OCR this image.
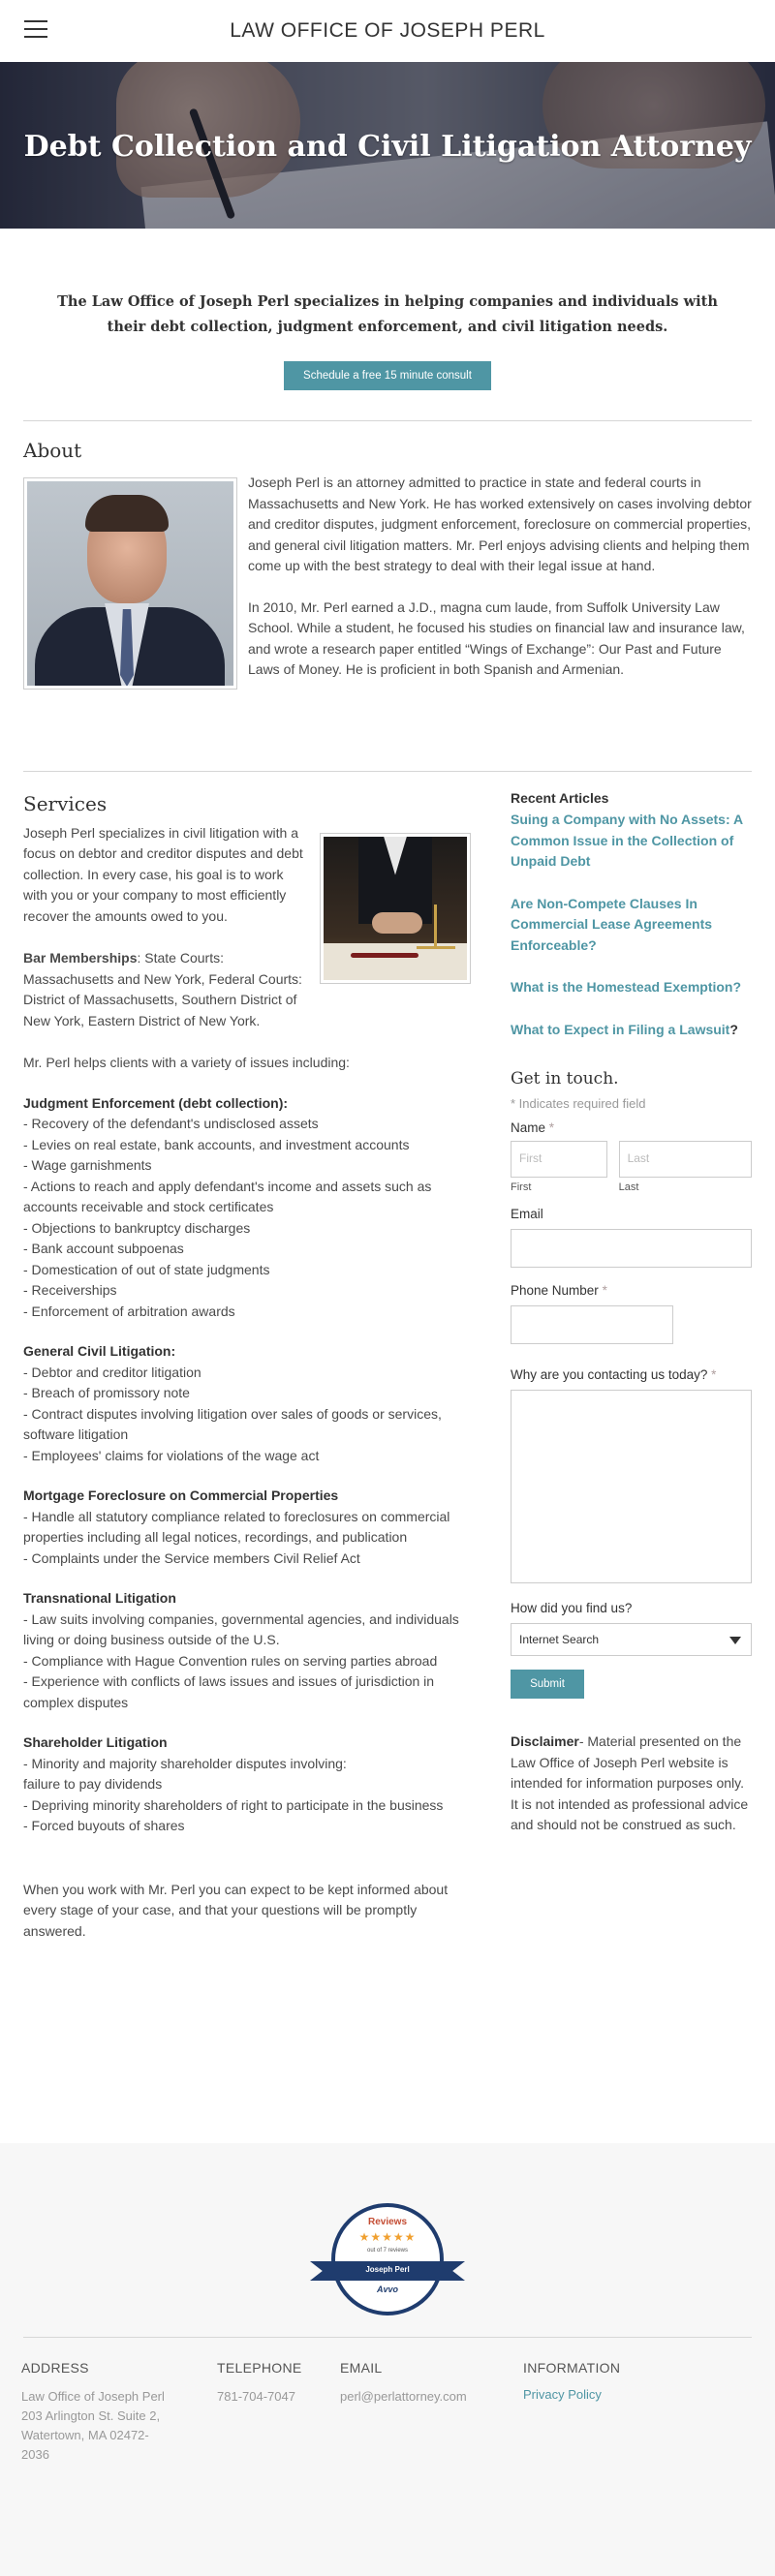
LAW OFFICE OF JOSEPH PERL
Debt Collection and Civil Litigation Attorney

The Law Office of Joseph Perl specializes in helping companies and individuals with their debt collection, judgment enforcement, and civil litigation needs.

Schedule a free 15 minute consult
About

Joseph Perl is an attorney admitted to practice in state and federal courts in Massachusetts and New York. He has worked extensively on cases involving debtor and creditor disputes, judgment enforcement, foreclosure on commercial properties, and general civil litigation matters. Mr. Perl enjoys advising clients and helping them come up with the best strategy to deal with their legal issue at hand.

In 2010, Mr. Perl earned a J.D., magna cum laude, from Suffolk University Law School. While a student, he focused his studies on financial law and insurance law, and wrote a research paper entitled “Wings of Exchange”: Our Past and Future Laws of Money. He is proficient in both Spanish and Armenian.

Services

Joseph Perl specializes in civil litigation with a focus on debtor and creditor disputes and debt collection. In every case, his goal is to work with you or your company to most efficiently recover the amounts owed to you.

Bar Memberships: State Courts: Massachusetts and New York, Federal Courts: District of Massachusetts, Southern District of New York, Eastern District of New York.

Mr. Perl helps clients with a variety of issues including:

Judgment Enforcement (debt collection):
- Recovery of the defendant's undisclosed assets
- Levies on real estate, bank accounts, and investment accounts
- Wage garnishments
- Actions to reach and apply defendant's income and assets such as accounts receivable and stock certificates
- Objections to bankruptcy discharges
- Bank account subpoenas
- Domestication of out of state judgments
- Receiverships
- Enforcement of arbitration awards
General Civil Litigation:
- Debtor and creditor litigation
- Breach of promissory note
- Contract disputes involving litigation over sales of goods or services, software litigation
- Employees' claims for violations of the wage act
Mortgage Foreclosure on Commercial Properties
- Handle all statutory compliance related to foreclosures on commercial properties including all legal notices, recordings, and publication
- Complaints under the Service members Civil Relief Act
Transnational Litigation
- Law suits involving companies, governmental agencies, and individuals living or doing business outside of the U.S.
- Compliance with Hague Convention rules on serving parties abroad
- Experience with conflicts of laws issues and issues of jurisdiction in complex disputes
Shareholder Litigation
- Minority and majority shareholder disputes involving:
failure to pay dividends
- Depriving minority shareholders of right to participate in the business
- Forced buyouts of shares

When you work with Mr. Perl you can expect to be kept informed about every stage of your case, and that your questions will be promptly answered.

Recent Articles
Suing a Company with No Assets: A Common Issue in the Collection of Unpaid Debt
Are Non-Compete Clauses In Commercial Lease Agreements Enforceable?
What is the Homestead Exemption?
What to Expect in Filing a Lawsuit?
Get in touch.
* Indicates required field
Name *
First
First
Last
Last
Email
Phone Number *
Why are you contacting us today? *
How did you find us?
Internet Search
Submit

Disclaimer- Material presented on the Law Office of Joseph Perl website is intended for information purposes only. It is not intended as professional advice and should not be construed as such.

Reviews
★★★★★
out of 7 reviews
Joseph Perl
Avvo
ADDRESS
Law Office of Joseph Perl
203 Arlington St. Suite 2,
Watertown, MA 02472-
2036
TELEPHONE
781-704-7047
EMAIL
perl@perlattorney.com
INFORMATION
Privacy Policy
